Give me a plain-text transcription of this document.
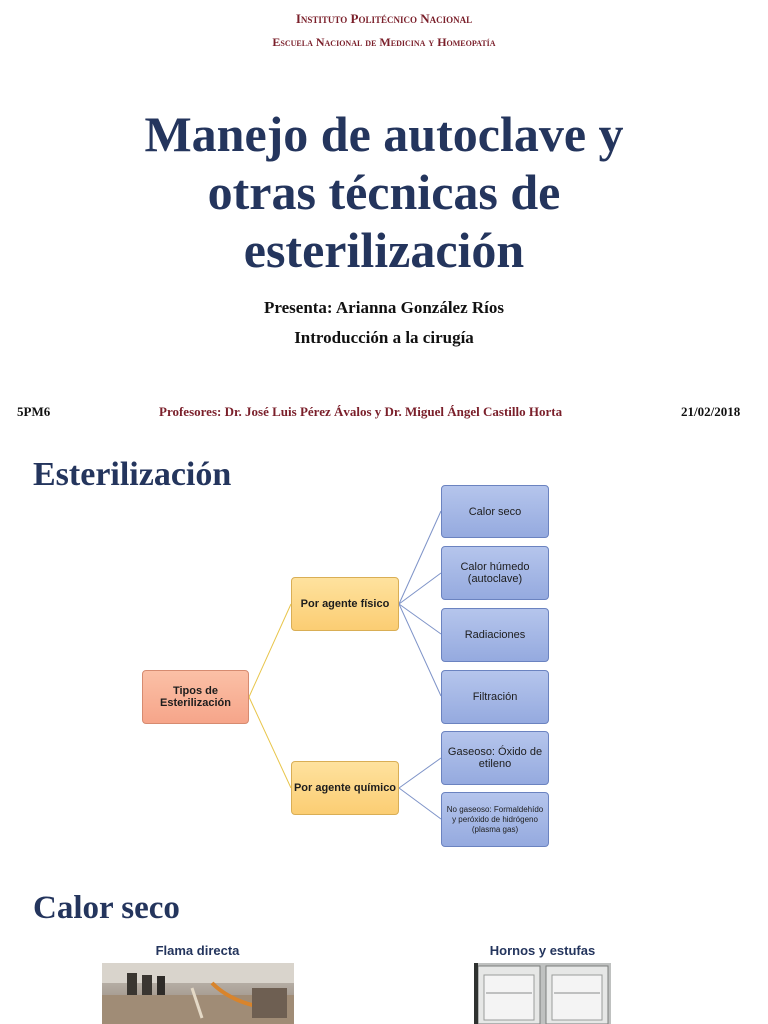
Instituto Politécnico Nacional
Escuela Nacional de Medicina y Homeopatía
Manejo de autoclave y
otras técnicas de
esterilización
Presenta: Arianna González Ríos
Introducción a la cirugía
5PM6	Profesores: Dr. José Luis Pérez Ávalos y Dr. Miguel Ángel Castillo Horta	21/02/2018
Esterilización
Tipos de Esterilización
Por agente físico
Por agente químico
Calor seco
Calor húmedo (autoclave)
Radiaciones
Filtración
Gaseoso: Óxido de etileno
No gaseoso: Formaldehído y peróxido de hidrógeno (plasma gas)
Calor seco
Flama directa	Hornos y estufas
